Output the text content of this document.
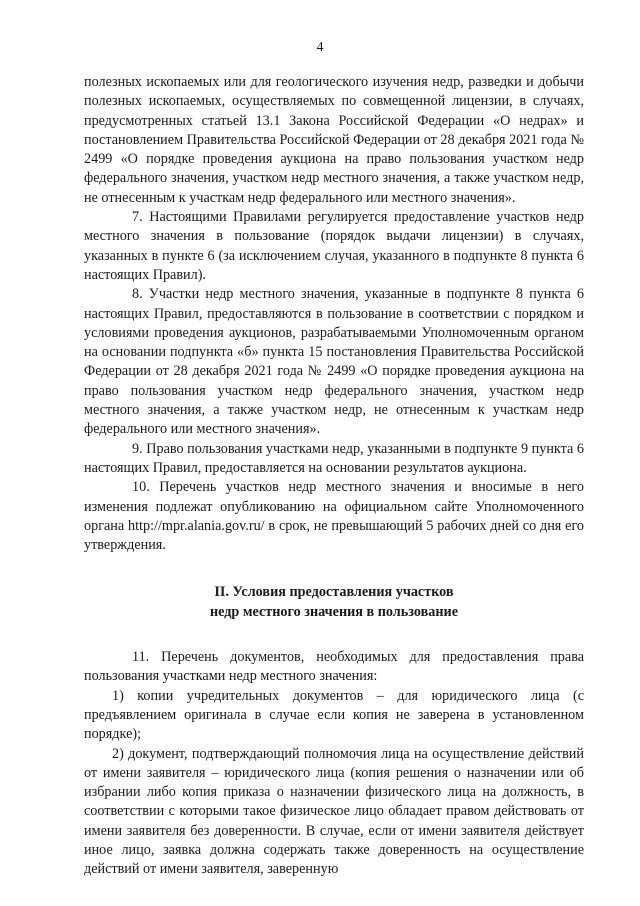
4

полезных ископаемых или для геологического изучения недр, разведки и добычи полезных ископаемых, осуществляемых по совмещенной лицензии, в случаях, предусмотренных статьей 13.1 Закона Российской Федерации «О недрах» и постановлением Правительства Российской Федерации от 28 декабря 2021 года № 2499 «О порядке проведения аукциона на право пользования участком недр федерального значения, участком недр местного значения, а также участком недр, не отнесенным к участкам недр федерального или местного значения».

7. Настоящими Правилами регулируется предоставление участков недр местного значения в пользование (порядок выдачи лицензии) в случаях, указанных в пункте 6 (за исключением случая, указанного в подпункте 8 пункта 6 настоящих Правил).

8. Участки недр местного значения, указанные в подпункте 8 пункта 6 настоящих Правил, предоставляются в пользование в соответствии с порядком и условиями проведения аукционов, разрабатываемыми Уполномоченным органом на основании подпункта «б» пункта 15 постановления Правительства Российской Федерации от 28 декабря 2021 года № 2499 «О порядке проведения аукциона на право пользования участком недр федерального значения, участком недр местного значения, а также участком недр, не отнесенным к участкам недр федерального или местного значения».

9. Право пользования участками недр, указанными в подпункте 9 пункта 6 настоящих Правил, предоставляется на основании результатов аукциона.

10. Перечень участков недр местного значения и вносимые в него изменения подлежат опубликованию на официальном сайте Уполномоченного органа http://mpr.alania.gov.ru/ в срок, не превышающий 5 рабочих дней со дня его утверждения.

II. Условия предоставления участков
недр местного значения в пользование

11. Перечень документов, необходимых для предоставления права пользования участками недр местного значения:

1) копии учредительных документов – для юридического лица (с предъявлением оригинала в случае если копия не заверена в установленном порядке);

2) документ, подтверждающий полномочия лица на осуществление действий от имени заявителя – юридического лица (копия решения о назначении или об избрании либо копия приказа о назначении физического лица на должность, в соответствии с которыми такое физическое лицо обладает правом действовать от имени заявителя без доверенности. В случае, если от имени заявителя действует иное лицо, заявка должна содержать также доверенность на осуществление действий от имени заявителя, заверенную
